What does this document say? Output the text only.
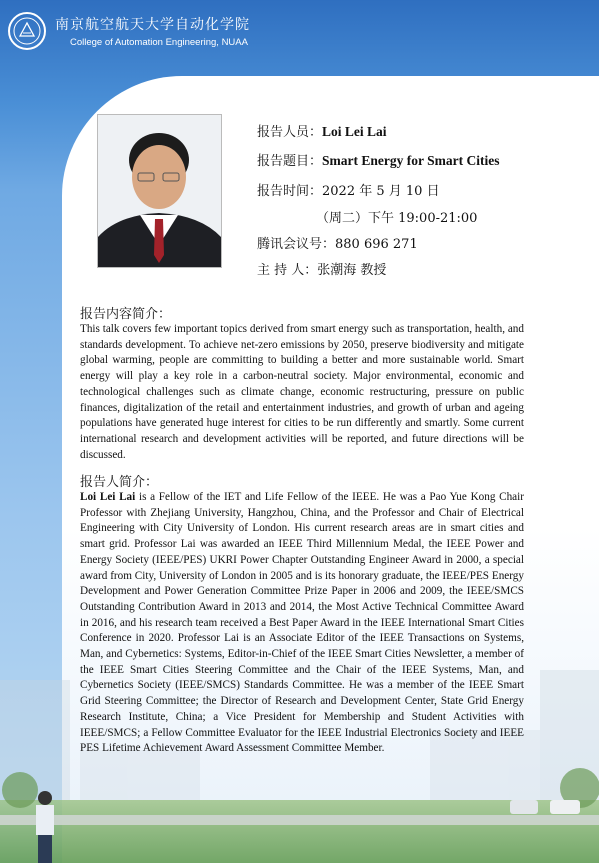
南京航空航天大学自动化学院
College of Automation Engineering, NUAA
报告人员：Loi Lei Lai
报告题目：Smart Energy for Smart Cities
报告时间：2022 年 5 月 10 日
（周二）下午 19:00-21:00
腾讯会议号：880 696 271
主 持 人：张潮海 教授
报告内容简介：
This talk covers few important topics derived from smart energy such as transportation, health, and standards development. To achieve net-zero emissions by 2050, preserve biodiversity and mitigate global warming, people are committing to building a better and more sustainable world. Smart energy will play a key role in a carbon-neutral society. Major environmental, economic and technological challenges such as climate change, economic restructuring, pressure on public finances, digitalization of the retail and entertainment industries, and growth of urban and ageing populations have generated huge interest for cities to be run differently and smartly. Some current international research and development activities will be reported, and future directions will be discussed.
报告人简介：
Loi Lei Lai is a Fellow of the IET and Life Fellow of the IEEE. He was a Pao Yue Kong Chair Professor with Zhejiang University, Hangzhou, China, and the Professor and Chair of Electrical Engineering with City University of London. His current research areas are in smart cities and smart grid. Professor Lai was awarded an IEEE Third Millennium Medal, the IEEE Power and Energy Society (IEEE/PES) UKRI Power Chapter Outstanding Engineer Award in 2000, a special award from City, University of London in 2005 and is its honorary graduate, the IEEE/PES Energy Development and Power Generation Committee Prize Paper in 2006 and 2009, the IEEE/SMCS Outstanding Contribution Award in 2013 and 2014, the Most Active Technical Committee Award in 2016, and his research team received a Best Paper Award in the IEEE International Smart Cities Conference in 2020. Professor Lai is an Associate Editor of the IEEE Transactions on Systems, Man, and Cybernetics: Systems, Editor-in-Chief of the IEEE Smart Cities Newsletter, a member of the IEEE Smart Cities Steering Committee and the Chair of the IEEE Systems, Man, and Cybernetics Society (IEEE/SMCS) Standards Committee. He was a member of the IEEE Smart Grid Steering Committee; the Director of Research and Development Center, State Grid Energy Research Institute, China; a Vice President for Membership and Student Activities with IEEE/SMCS; a Fellow Committee Evaluator for the IEEE Industrial Electronics Society and IEEE PES Lifetime Achievement Award Assessment Committee Member.
